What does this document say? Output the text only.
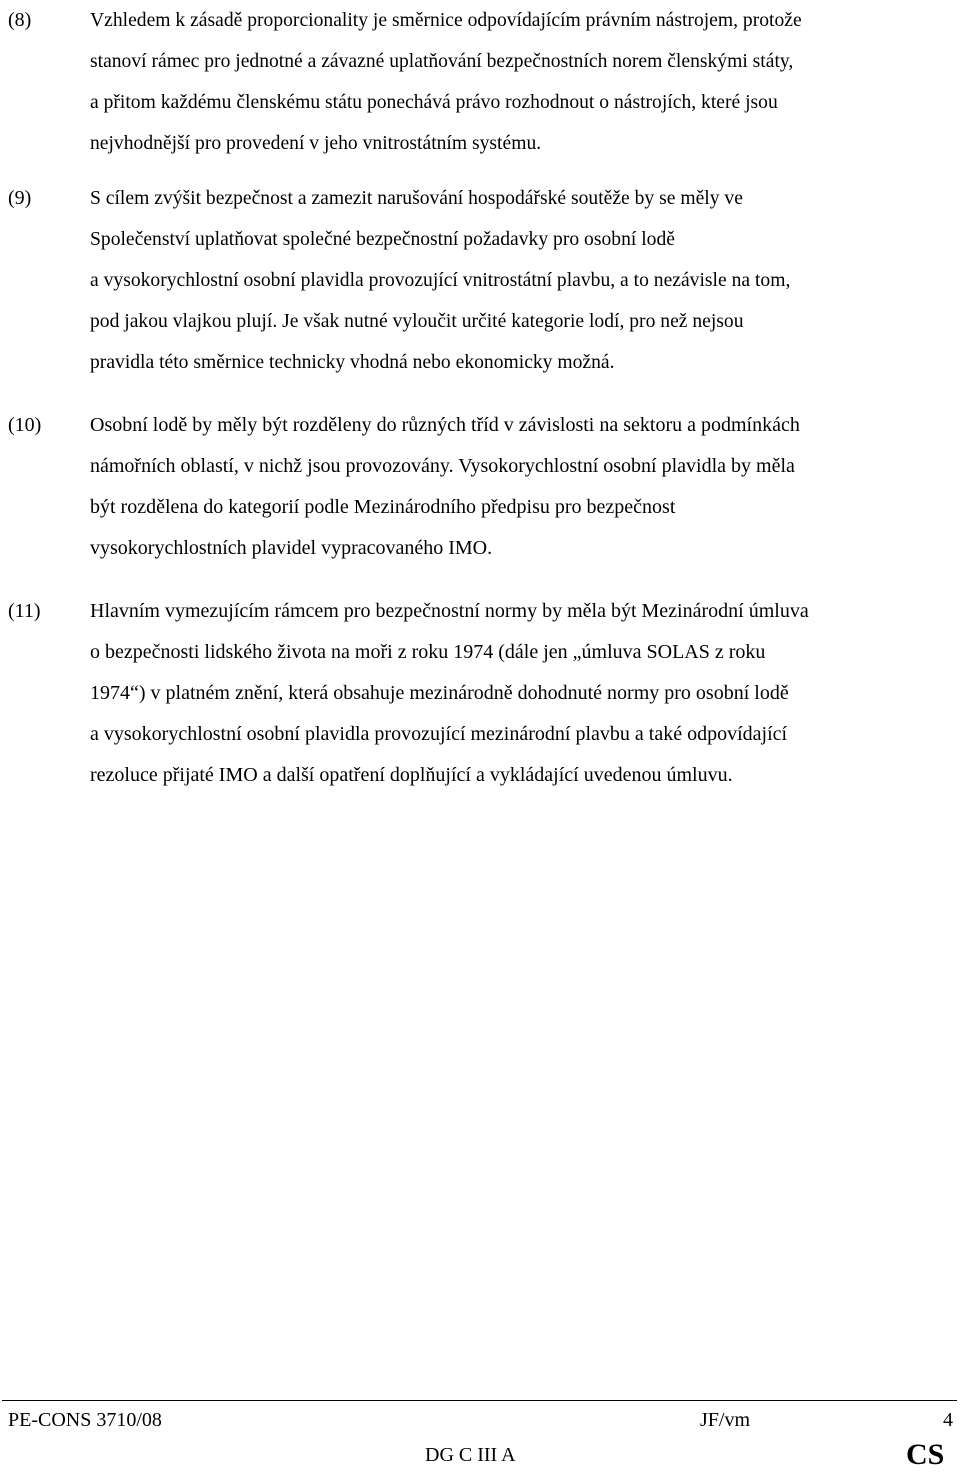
(8)	Vzhledem k zásadě proporcionality je směrnice odpovídajícím právním nástrojem, protože
stanoví rámec pro jednotné a závazné uplatňování bezpečnostních norem členskými státy,
a přitom každému členskému státu ponechává právo rozhodnout o nástrojích, které jsou
nejvhodnější pro provedení v jeho vnitrostátním systému.
(9)	S cílem zvýšit bezpečnost a zamezit narušování hospodářské soutěže by se měly ve
Společenství uplatňovat společné bezpečnostní požadavky pro osobní lodě
a vysokorychlostní osobní plavidla provozující vnitrostátní plavbu, a to nezávisle na tom,
pod jakou vlajkou plují. Je však nutné vyloučit určité kategorie lodí, pro než nejsou
pravidla této směrnice technicky vhodná nebo ekonomicky možná.
(10) Osobní lodě by měly být rozděleny do různých tříd v závislosti na sektoru a podmínkách
námořních oblastí, v nichž jsou provozovány. Vysokorychlostní osobní plavidla by měla
být rozdělena do kategorií podle Mezinárodního předpisu pro bezpečnost
vysokorychlostních plavidel vypracovaného IMO.
(11) Hlavním vymezujícím rámcem pro bezpečnostní normy by měla být Mezinárodní úmluva
o bezpečnosti lidského života na moři z roku 1974 (dále jen „úmluva SOLAS z roku
1974“) v platném znění, která obsahuje mezinárodně dohodnuté normy pro osobní lodě
a vysokorychlostní osobní plavidla provozující mezinárodní plavbu a také odpovídající
rezoluce přijaté IMO a další opatření doplňující a vykládající uvedenou úmluvu.
PE-CONS 3710/08	JF/vm	4
DG C III A	CS
